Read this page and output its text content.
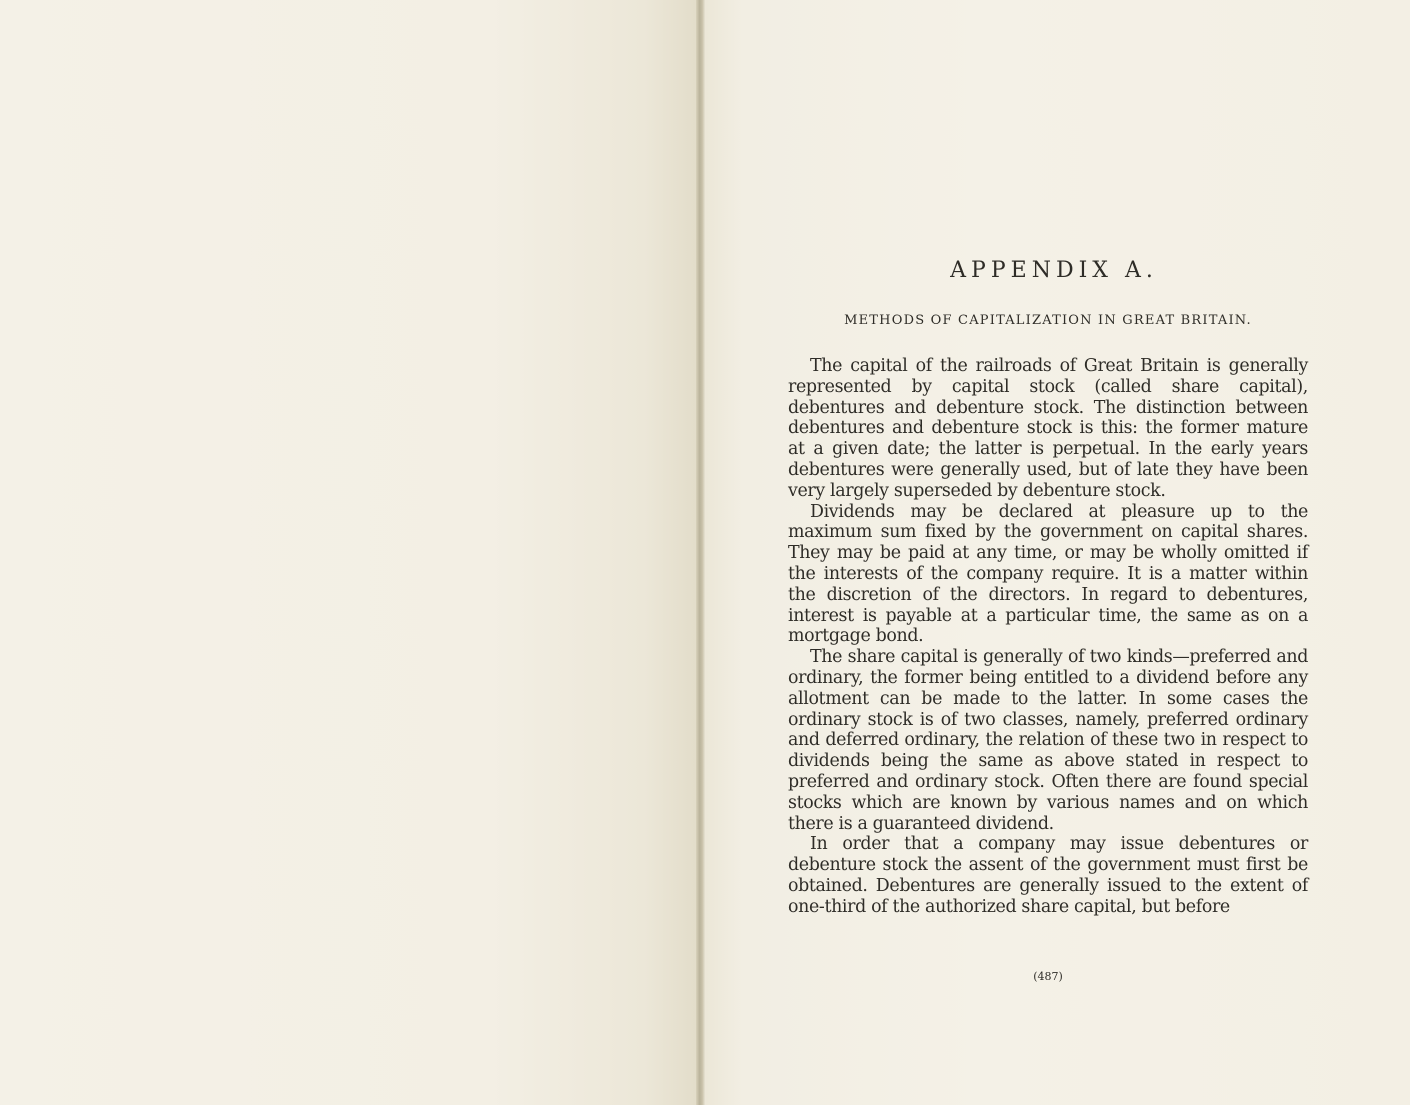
APPENDIX A.
METHODS OF CAPITALIZATION IN GREAT BRITAIN.

The capital of the railroads of Great Britain is generally represented by capital stock (called share capital), debentures and debenture stock. The distinction between debentures and debenture stock is this: the former mature at a given date; the latter is perpetual. In the early years debentures were generally used, but of late they have been very largely superseded by debenture stock.

Dividends may be declared at pleasure up to the maximum sum fixed by the government on capital shares. They may be paid at any time, or may be wholly omitted if the interests of the company require. It is a matter within the discretion of the directors. In regard to debentures, interest is payable at a particular time, the same as on a mortgage bond.

The share capital is generally of two kinds—preferred and ordinary, the former being entitled to a dividend before any allotment can be made to the latter. In some cases the ordinary stock is of two classes, namely, preferred ordinary and deferred ordinary, the relation of these two in respect to dividends being the same as above stated in respect to preferred and ordinary stock. Often there are found special stocks which are known by various names and on which there is a guaranteed dividend.

In order that a company may issue debentures or debenture stock the assent of the government must first be obtained. Debentures are generally issued to the extent of one-third of the authorized share capital, but before

(487)
